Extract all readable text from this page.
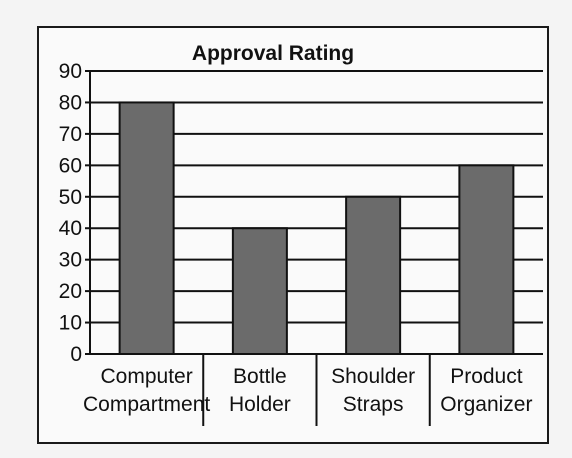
Approval Rating
0
10
20
30
40
50
60
70
80
90
Computer Compartment
Bottle Holder
Shoulder Straps
Product Organizer
